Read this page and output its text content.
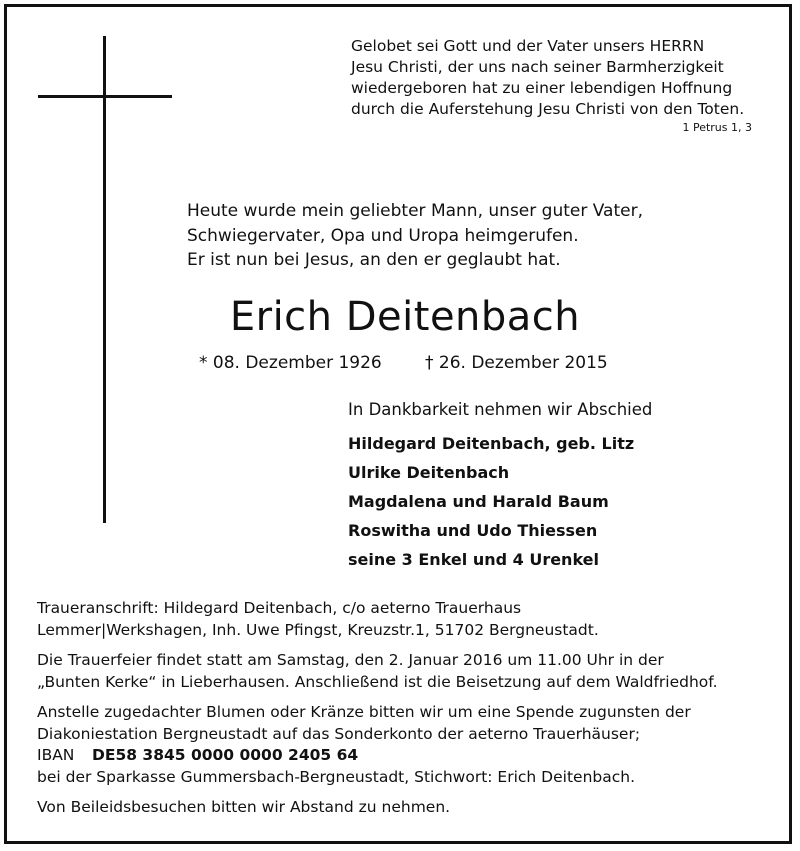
Gelobet sei Gott und der Vater unsers HERRN
Jesu Christi, der uns nach seiner Barmherzigkeit
wiedergeboren hat zu einer lebendigen Hoffnung
durch die Auferstehung Jesu Christi von den Toten.
1 Petrus 1, 3
Heute wurde mein geliebter Mann, unser guter Vater,
Schwiegervater, Opa und Uropa heimgerufen.
Er ist nun bei Jesus, an den er geglaubt hat.
Erich Deitenbach
* 08. Dezember 1926	† 26. Dezember 2015
In Dankbarkeit nehmen wir Abschied
Hildegard Deitenbach, geb. Litz
Ulrike Deitenbach
Magdalena und Harald Baum
Roswitha und Udo Thiessen
seine 3 Enkel und 4 Urenkel

Traueranschrift: Hildegard Deitenbach, c/o aeterno Trauerhaus
Lemmer|Werkshagen, Inh. Uwe Pfingst, Kreuzstr.1, 51702 Bergneustadt.

Die Trauerfeier findet statt am Samstag, den 2. Januar 2016 um 11.00 Uhr in der
„Bunten Kerke“ in Lieberhausen. Anschließend ist die Beisetzung auf dem Waldfriedhof.

Anstelle zugedachter Blumen oder Kränze bitten wir um eine Spende zugunsten der
Diakoniestation Bergneustadt auf das Sonderkonto der aeterno Trauerhäuser;
IBAN DE58 3845 0000 0000 2405 64
bei der Sparkasse Gummersbach-Bergneustadt, Stichwort: Erich Deitenbach.

Von Beileidsbesuchen bitten wir Abstand zu nehmen.
